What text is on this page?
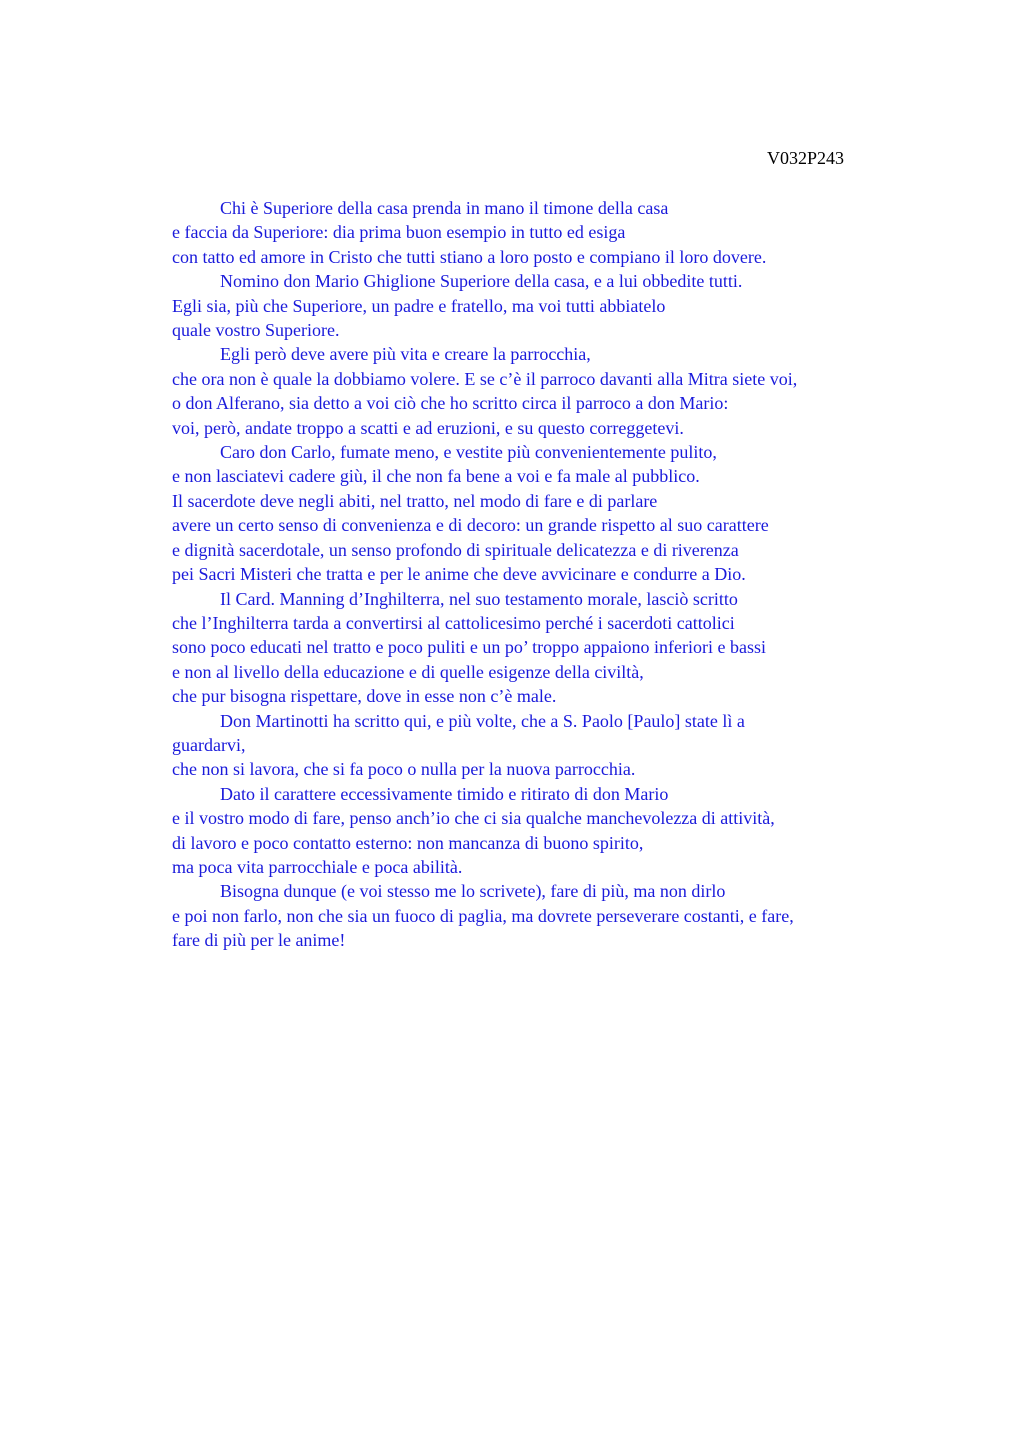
V032P243

Chi è Superiore della casa prenda in mano il timone della casa
e faccia da Superiore: dia prima buon esempio in tutto ed esiga
con tatto ed amore in Cristo che tutti stiano a loro posto e compiano il loro dovere.
Nomino don Mario Ghiglione Superiore della casa, e a lui obbedite tutti.
Egli sia, più che Superiore, un padre e fratello, ma voi tutti abbiatelo
quale vostro Superiore.
Egli però deve avere più vita e creare la parrocchia,
che ora non è quale la dobbiamo volere. E se c’è il parroco davanti alla Mitra siete voi,
o don Alferano, sia detto a voi ciò che ho scritto circa il parroco a don Mario:
voi, però, andate troppo a scatti e ad eruzioni, e su questo correggetevi.
Caro don Carlo, fumate meno, e vestite più convenientemente pulito,
e non lasciatevi cadere giù, il che non fa bene a voi e fa male al pubblico.
Il sacerdote deve negli abiti, nel tratto, nel modo di fare e di parlare
avere un certo senso di convenienza e di decoro: un grande rispetto al suo carattere
e dignità sacerdotale, un senso profondo di spirituale delicatezza e di riverenza
pei Sacri Misteri che tratta e per le anime che deve avvicinare e condurre a Dio.
Il Card. Manning d’Inghilterra, nel suo testamento morale, lasciò scritto
che l’Inghilterra tarda a convertirsi al cattolicesimo perché i sacerdoti cattolici
sono poco educati nel tratto e poco puliti e un po’ troppo appaiono inferiori e bassi
e non al livello della educazione e di quelle esigenze della civiltà,
che pur bisogna rispettare, dove in esse non c’è male.
Don Martinotti ha scritto qui, e più volte, che a S. Paolo [Paulo] state lì a
guardarvi,
che non si lavora, che si fa poco o nulla per la nuova parrocchia.
Dato il carattere eccessivamente timido e ritirato di don Mario
e il vostro modo di fare, penso anch’io che ci sia qualche manchevolezza di attività,
di lavoro e poco contatto esterno: non mancanza di buono spirito,
ma poca vita parrocchiale e poca abilità.
Bisogna dunque (e voi stesso me lo scrivete), fare di più, ma non dirlo
e poi non farlo, non che sia un fuoco di paglia, ma dovrete perseverare costanti, e fare,
fare di più per le anime!
